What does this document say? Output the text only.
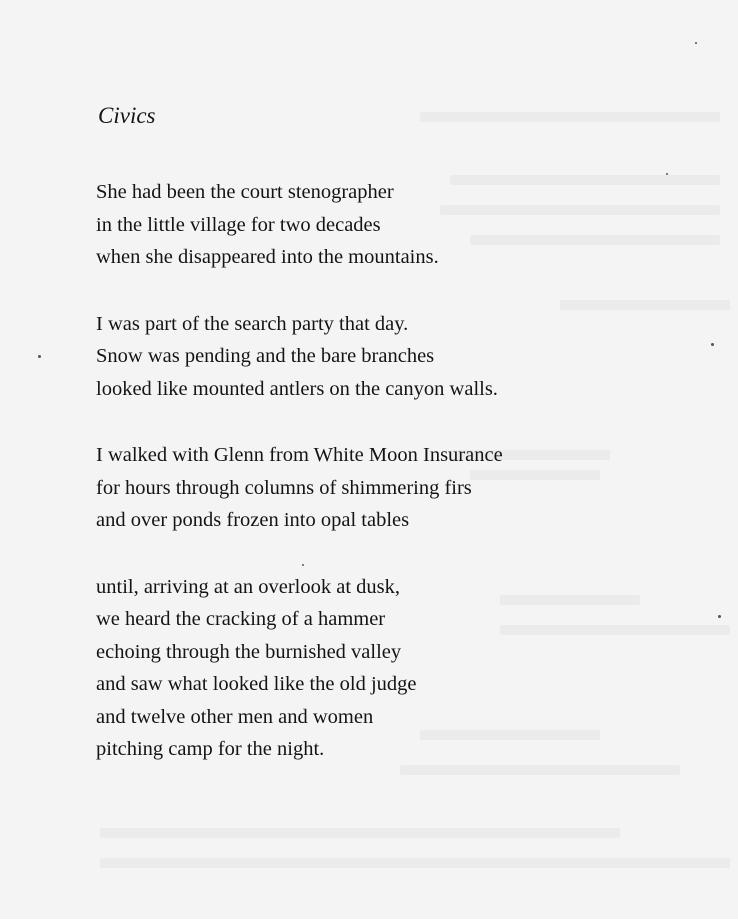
Civics
She had been the court stenographer
in the little village for two decades
when she disappeared into the mountains.
I was part of the search party that day.
Snow was pending and the bare branches
looked like mounted antlers on the canyon walls.
I walked with Glenn from White Moon Insurance
for hours through columns of shimmering firs
and over ponds frozen into opal tables
until, arriving at an overlook at dusk,
we heard the cracking of a hammer
echoing through the burnished valley
and saw what looked like the old judge
and twelve other men and women
pitching camp for the night.
